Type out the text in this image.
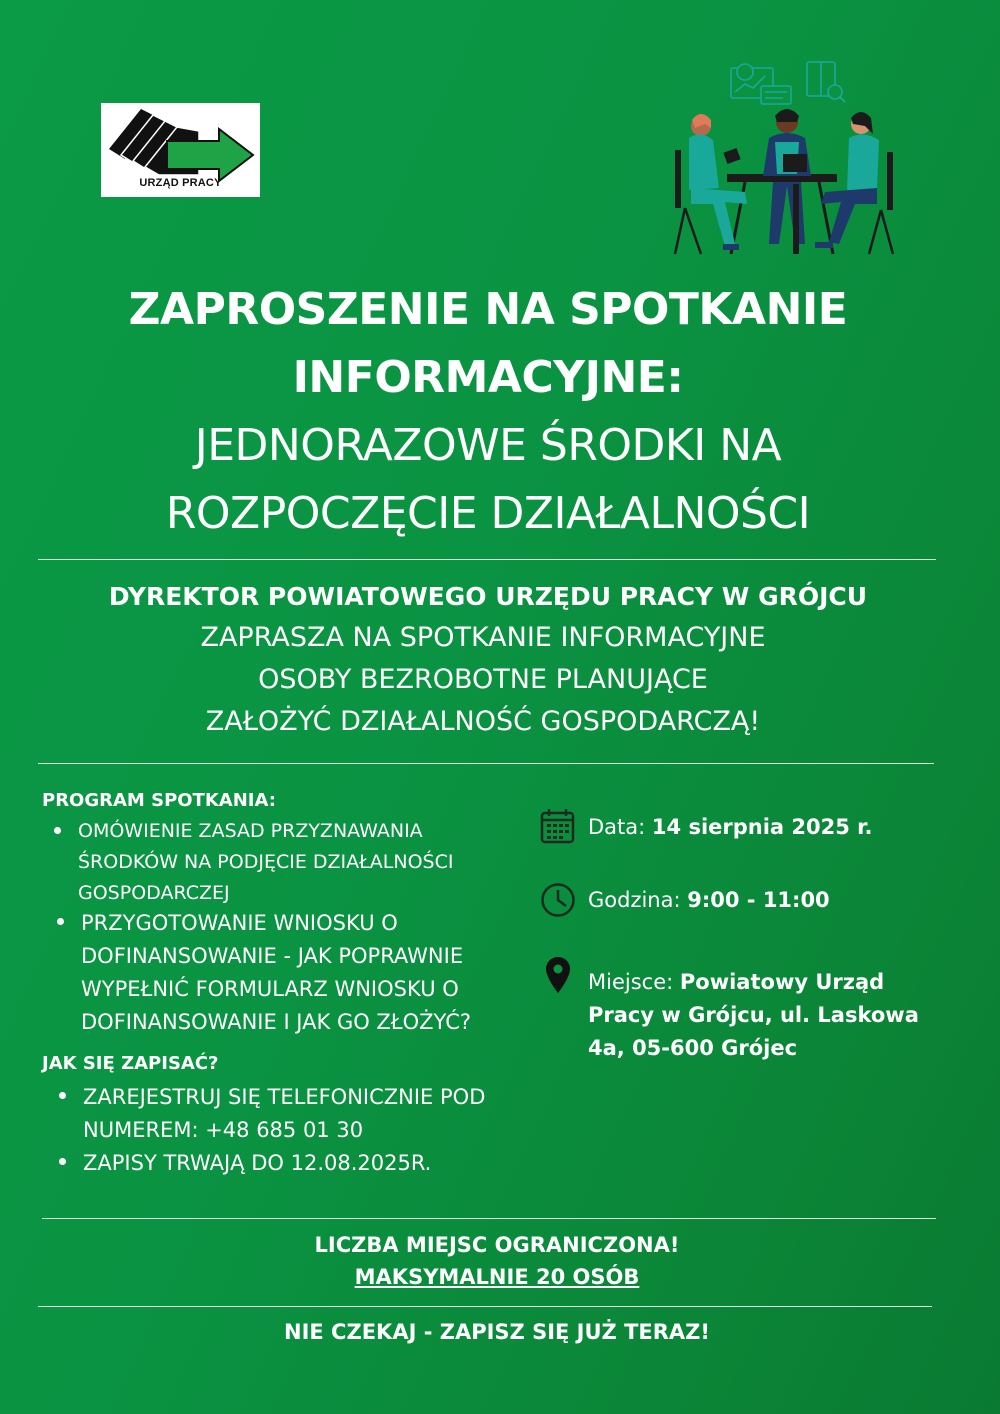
URZĄD PRACY
ZAPROSZENIE NA SPOTKANIE
INFORMACYJNE:
JEDNORAZOWE ŚRODKI NA
ROZPOCZĘCIE DZIAŁALNOŚCI
DYREKTOR POWIATOWEGO URZĘDU PRACY W GRÓJCU
ZAPRASZA NA SPOTKANIE INFORMACYJNE
OSOBY BEZROBOTNE PLANUJĄCE
ZAŁOŻYĆ DZIAŁALNOŚĆ GOSPODARCZĄ!
PROGRAM SPOTKANIA:
OMÓWIENIE ZASAD PRZYZNAWANIA ŚRODKÓW NA PODJĘCIE DZIAŁALNOŚCI GOSPODARCZEJ
PRZYGOTOWANIE WNIOSKU O DOFINANSOWANIE - JAK POPRAWNIE WYPEŁNIĆ FORMULARZ WNIOSKU O DOFINANSOWANIE I JAK GO ZŁOŻYĆ?
JAK SIĘ ZAPISAĆ?
ZAREJESTRUJ SIĘ TELEFONICZNIE POD NUMEREM: +48 685 01 30
ZAPISY TRWAJĄ DO 12.08.2025R.
Data: 14 sierpnia 2025 r.
Godzina: 9:00 - 11:00
Miejsce: Powiatowy Urząd
Pracy w Grójcu, ul. Laskowa
4a, 05-600 Grójec
LICZBA MIEJSC OGRANICZONA!
MAKSYMALNIE 20 OSÓB
NIE CZEKAJ - ZAPISZ SIĘ JUŻ TERAZ!
